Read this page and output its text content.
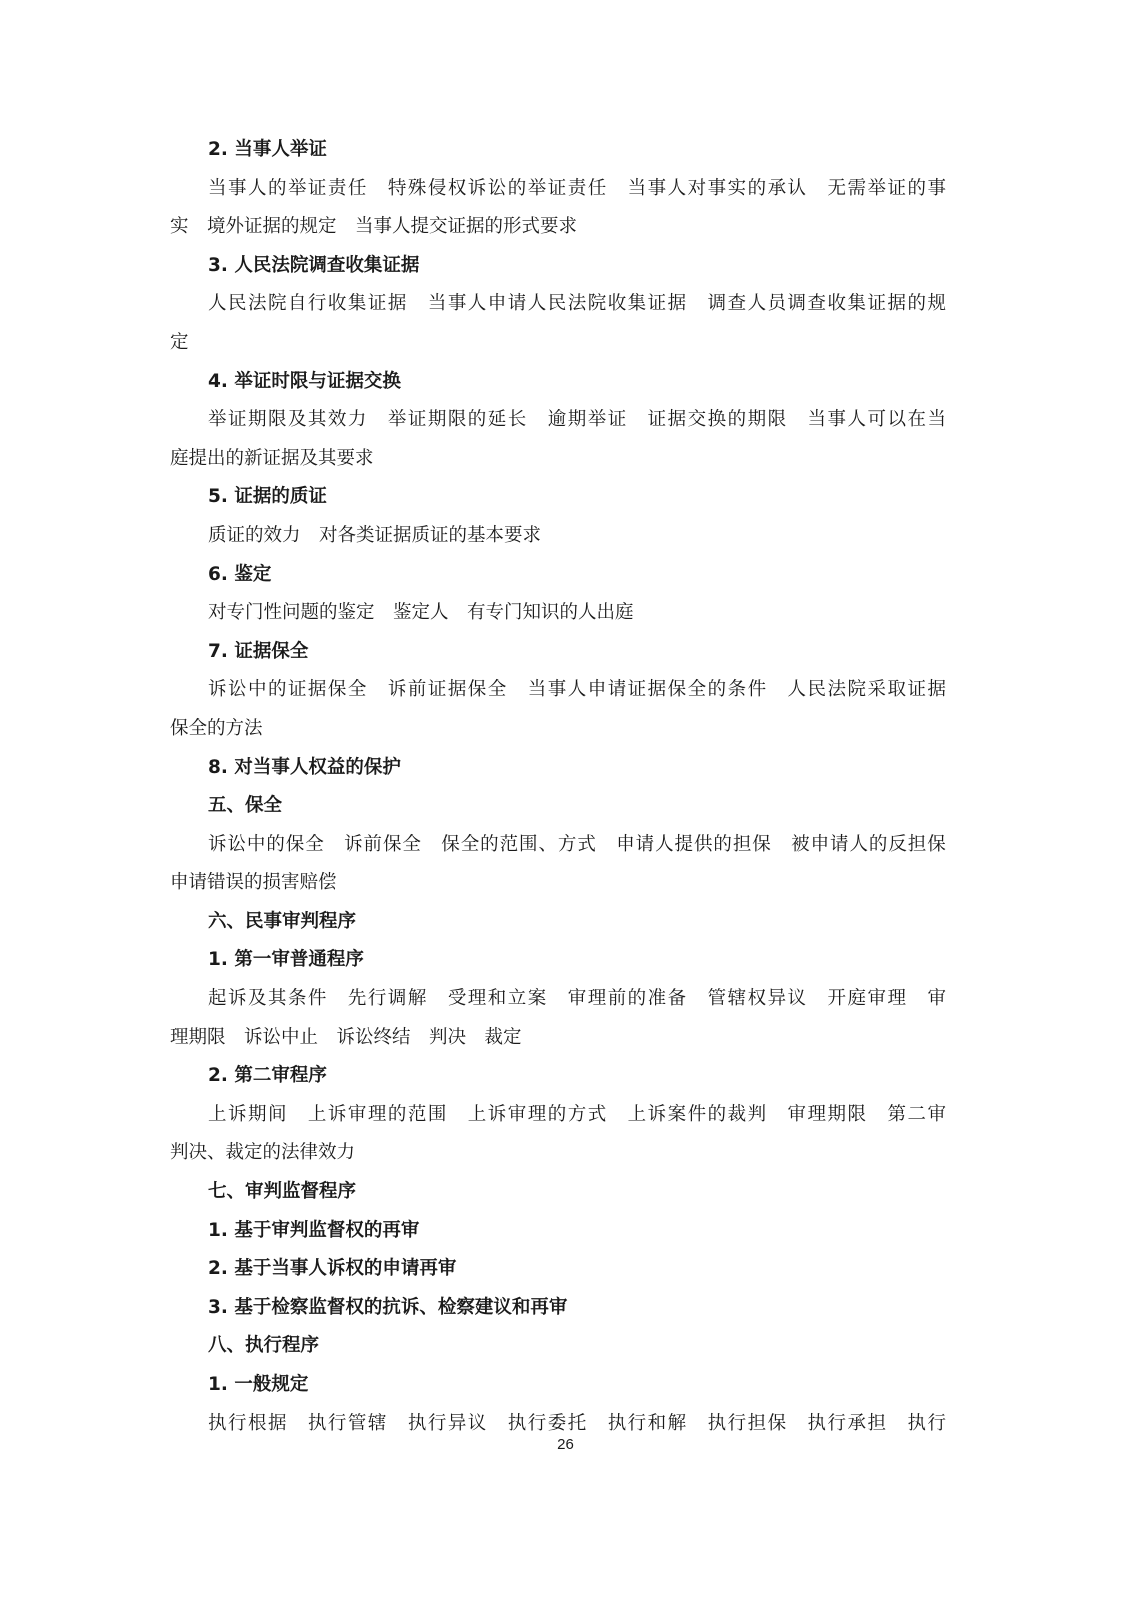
2. 当事人举证
当 事 人 的 举 证 责 任
　 特 殊 侵 权 诉 讼 的 举 证 责 任
　 当 事 人 对 事 实 的 承 认
　 无 需 举 证 的 事
实　境外证据的规定　当事人提交证据的形式要求
3. 人民法院调查收集证据
人 民 法 院 自 行 收 集 证 据
　 当 事 人 申 请 人 民 法 院 收 集 证 据
　 调 查 人 员 调 查 收 集 证 据 的 规
定
4. 举证时限与证据交换
举 证 期 限 及 其 效 力
　 举 证 期 限 的 延 长
　 逾 期 举 证
　 证 据 交 换 的 期 限
　 当 事 人 可 以 在 当
庭提出的新证据及其要求
5. 证据的质证
质证的效力　对各类证据质证的基本要求
6. 鉴定
对专门性问题的鉴定　鉴定人　有专门知识的人出庭
7. 证据保全
诉 讼 中 的 证 据 保 全
　 诉 前 证 据 保 全
　 当 事 人 申 请 证 据 保 全 的 条 件
　 人 民 法 院 采 取 证 据
保全的方法
8. 对当事人权益的保护
五、保全
诉 讼 中 的 保 全
　 诉 前 保 全
　 保 全 的 范 围 、 方 式
　 申 请 人 提 供 的 担 保
　 被 申 请 人 的 反 担 保
申请错误的损害赔偿
六、民事审判程序
1. 第一审普通程序
起 诉 及 其 条 件
　 先 行 调 解
　 受 理 和 立 案
　 审 理 前 的 准 备
　 管 辖 权 异 议
　 开 庭 审 理
　 审
理期限　诉讼中止　诉讼终结　判决　裁定
2. 第二审程序
上 诉 期 间
　 上 诉 审 理 的 范 围
　 上 诉 审 理 的 方 式
　 上 诉 案 件 的 裁 判
　 审 理 期 限
　 第 二 审
判决、裁定的法律效力
七、审判监督程序
1. 基于审判监督权的再审
2. 基于当事人诉权的申请再审
3. 基于检察监督权的抗诉、检察建议和再审
八、执行程序
1. 一般规定
执 行 根 据
　 执 行 管 辖
　 执 行 异 议
　 执 行 委 托
　 执 行 和 解
　 执 行 担 保
　 执 行 承 担
　 执 行
26
